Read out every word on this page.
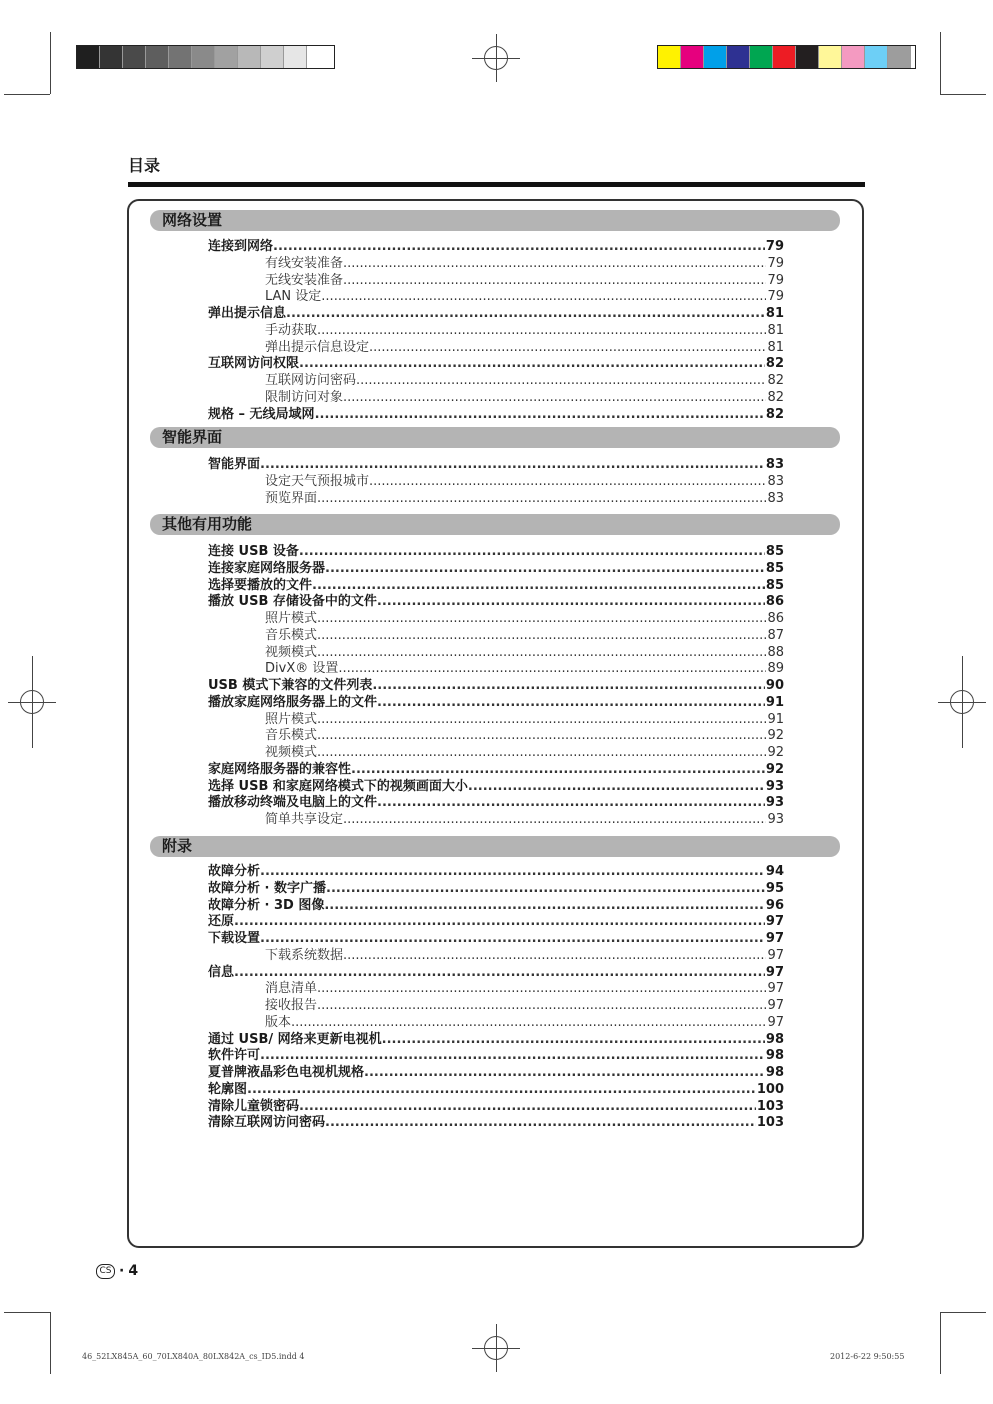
目录
网络设置
连接到网络 .....	79
有线安装准备 .....	79
无线安装准备 .....	79
LAN 设定 .....	79
弹出提示信息 .....	81
手动获取 .....	81
弹出提示信息设定 .....	81
互联网访问权限 .....	82
互联网访问密码 .....	82
限制访问对象 .....	82
规格 – 无线局域网 .....	82
智能界面
智能界面 .....	83
设定天气预报城市 .....	83
预览界面 .....	83
其他有用功能
连接 USB 设备 .....	85
连接家庭网络服务器 .....	85
选择要播放的文件 .....	85
播放 USB 存储设备中的文件 .....	86
照片模式 .....	86
音乐模式 .....	87
视频模式 .....	88
DivX® 设置 .....	89
USB 模式下兼容的文件列表 .....	90
播放家庭网络服务器上的文件 .....	91
照片模式 .....	91
音乐模式 .....	92
视频模式 .....	92
家庭网络服务器的兼容性 .....	92
选择 USB 和家庭网络模式下的视频画面大小 .....	93
播放移动终端及电脑上的文件 .....	93
简单共享设定 .....	93
附录
故障分析 .....	94
故障分析 · 数字广播 .....	95
故障分析 · 3D 图像 .....	96
还原 .....	97
下载设置 .....	97
下载系统数据 .....	97
信息 .....	97
消息清单 .....	97
接收报告 .....	97
版本 .....	97
通过 USB/ 网络来更新电视机 .....	98
软件许可 .....	98
夏普牌液晶彩色电视机规格 .....	98
轮廓图 .....	100
清除儿童锁密码 .....	103
清除互联网访问密码 .....	103
CS · 4
46_52LX845A_60_70LX840A_80LX842A_cs_ID5.indd 4	2012-6-22 9:50:55
